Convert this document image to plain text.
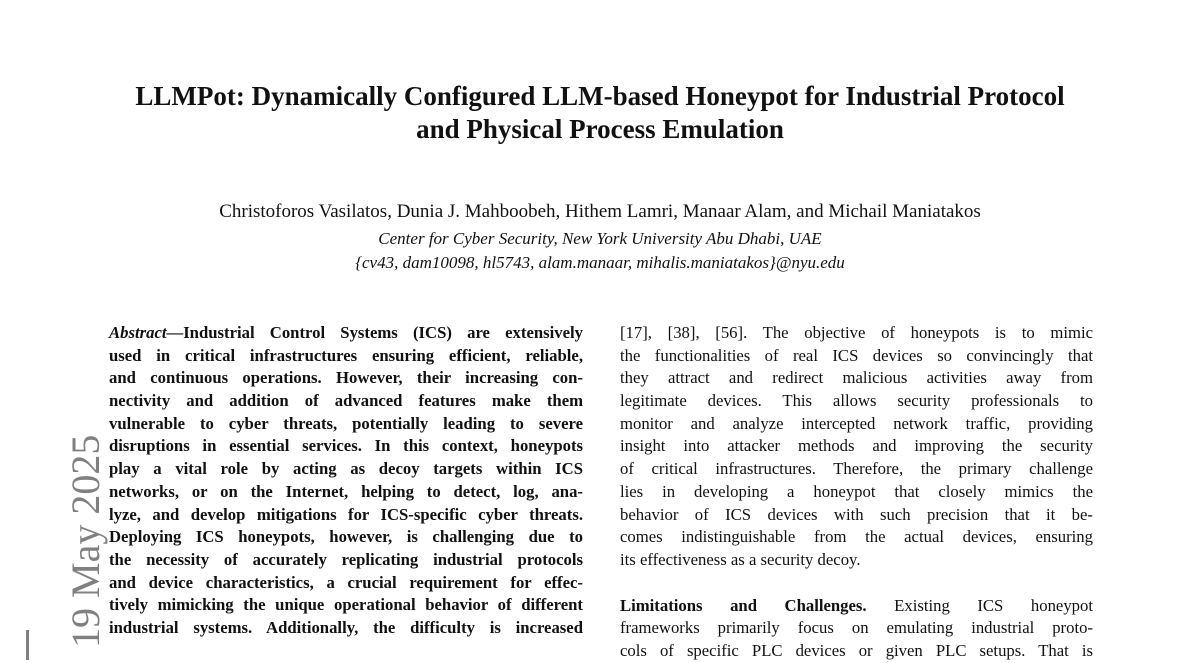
LLMPot: Dynamically Configured LLM-based Honeypot for Industrial Protocol
and Physical Process Emulation
Christoforos Vasilatos, Dunia J. Mahboobeh, Hithem Lamri, Manaar Alam, and Michail Maniatakos
Center for Cyber Security, New York University Abu Dhabi, UAE
{cv43, dam10098, hl5743, alam.manaar, mihalis.maniatakos}@nyu.edu
Abstract—Industrial Control Systems (ICS) are extensively
used in critical infrastructures ensuring efficient, reliable,
and continuous operations. However, their increasing con-
nectivity and addition of advanced features make them
vulnerable to cyber threats, potentially leading to severe
disruptions in essential services. In this context, honeypots
play a vital role by acting as decoy targets within ICS
networks, or on the Internet, helping to detect, log, ana-
lyze, and develop mitigations for ICS-specific cyber threats.
Deploying ICS honeypots, however, is challenging due to
the necessity of accurately replicating industrial protocols
and device characteristics, a crucial requirement for effec-
tively mimicking the unique operational behavior of different
industrial systems. Additionally, the difficulty is increased
[17], [38], [56]. The objective of honeypots is to mimic
the functionalities of real ICS devices so convincingly that
they attract and redirect malicious activities away from
legitimate devices. This allows security professionals to
monitor and analyze intercepted network traffic, providing
insight into attacker methods and improving the security
of critical infrastructures. Therefore, the primary challenge
lies in developing a honeypot that closely mimics the
behavior of ICS devices with such precision that it be-
comes indistinguishable from the actual devices, ensuring
its effectiveness as a security decoy.
Limitations and Challenges. Existing ICS honeypot
frameworks primarily focus on emulating industrial proto-
cols of specific PLC devices or given PLC setups. That is
19 May 2025
